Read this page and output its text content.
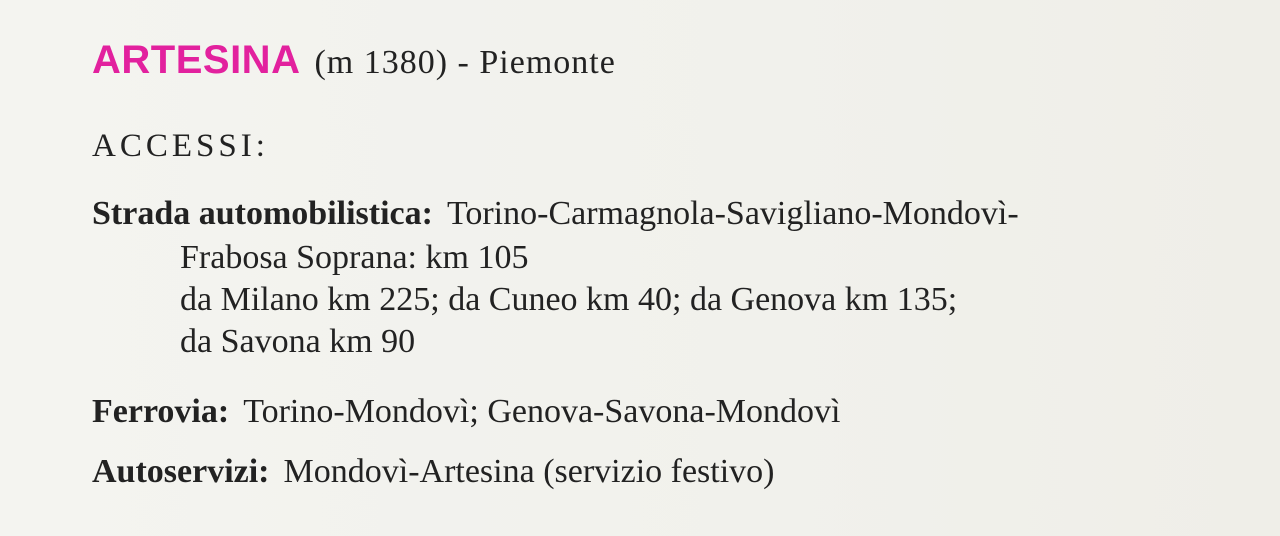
ARTESINA (m 1380) - Piemonte
ACCESSI:
Strada automobilistica: Torino-Carmagnola-Savigliano-Mondovì-
Frabosa Soprana: km 105
da Milano km 225; da Cuneo km 40; da Genova km 135;
da Savona km 90
Ferrovia: Torino-Mondovì; Genova-Savona-Mondovì
Autoservizi: Mondovì-Artesina (servizio festivo)
